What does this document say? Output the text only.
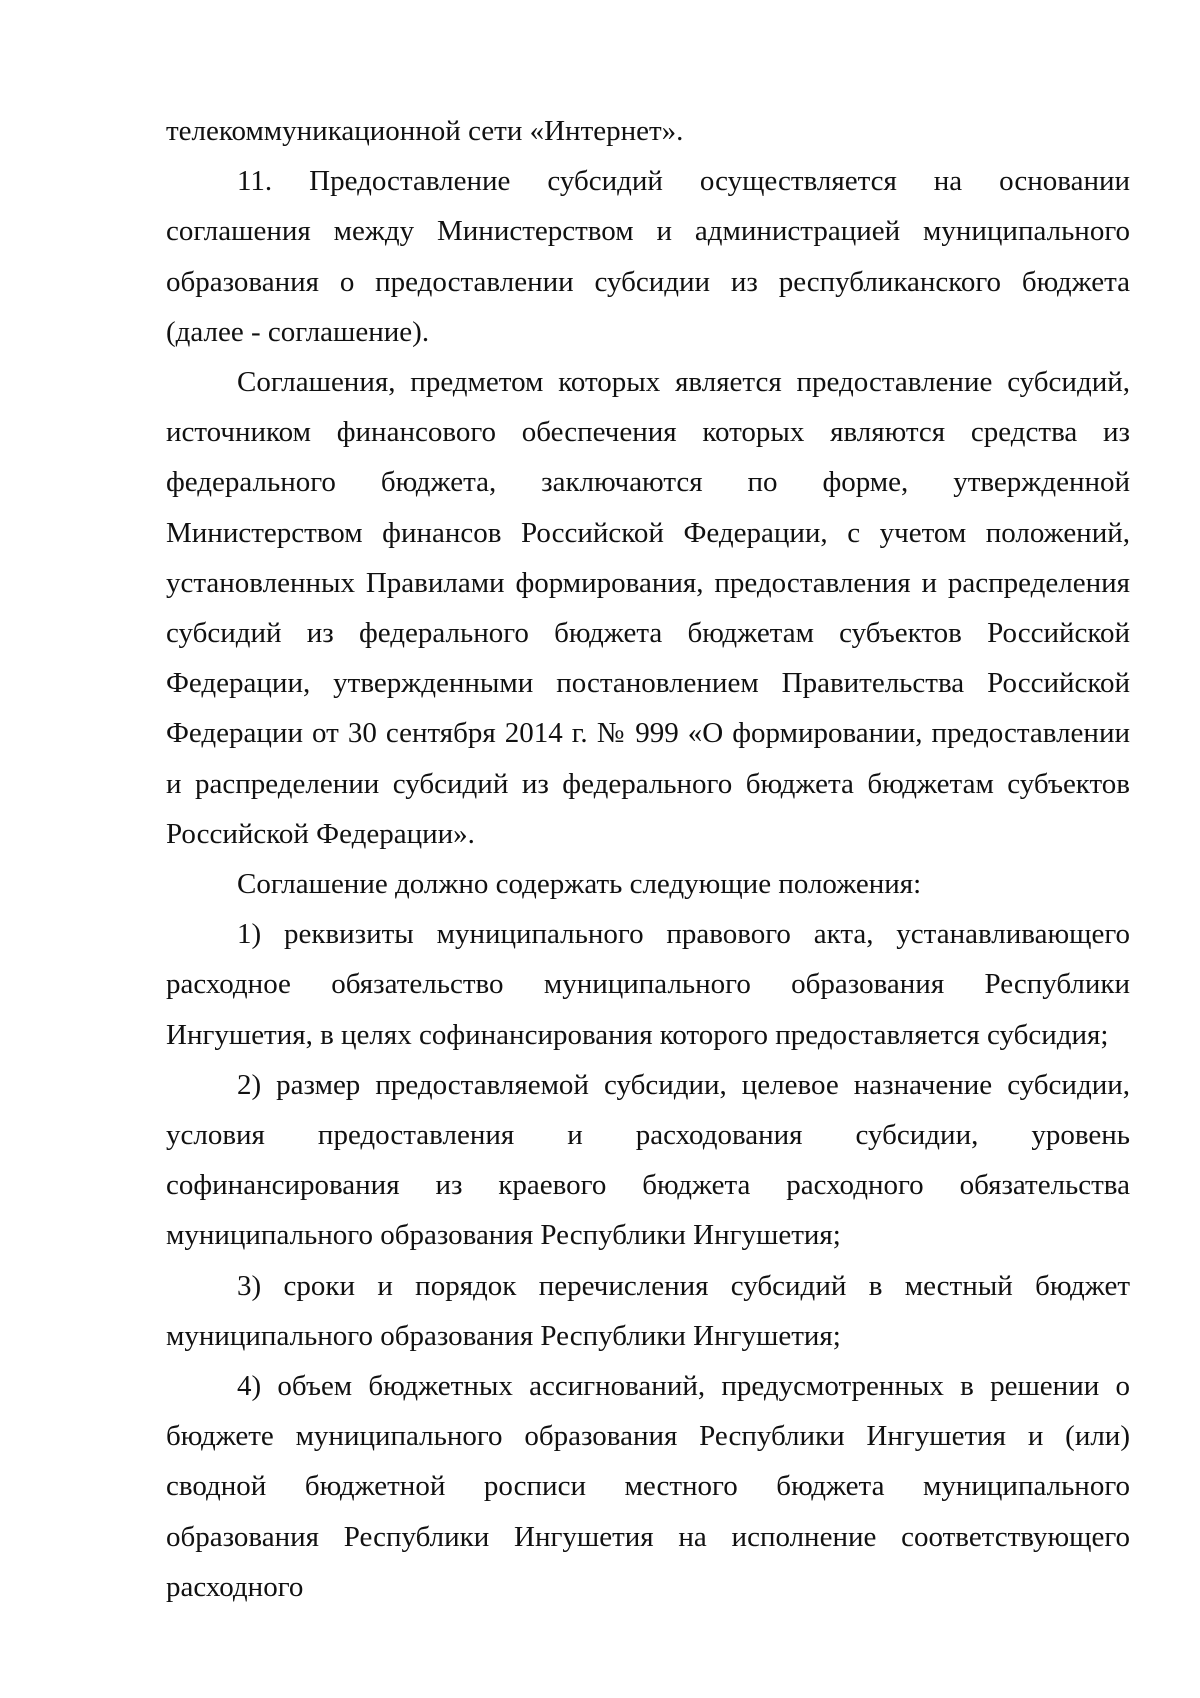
телекоммуникационной сети «Интернет».

11. Предоставление субсидий осуществляется на основании соглашения между Министерством и администрацией муниципального образования о предоставлении субсидии из республиканского бюджета (далее - соглашение).

Соглашения, предметом которых является предоставление субсидий, источником финансового обеспечения которых являются средства из федерального бюджета, заключаются по форме, утвержденной Министерством финансов Российской Федерации, с учетом положений, установленных Правилами формирования, предоставления и распределения субсидий из федерального бюджета бюджетам субъектов Российской Федерации, утвержденными постановлением Правительства Российской Федерации от 30 сентября 2014 г. № 999 «О формировании, предоставлении и распределении субсидий из федерального бюджета бюджетам субъектов Российской Федерации».

Соглашение должно содержать следующие положения:

1) реквизиты муниципального правового акта, устанавливающего расходное обязательство муниципального образования Республики Ингушетия, в целях софинансирования которого предоставляется субсидия;

2) размер предоставляемой субсидии, целевое назначение субсидии, условия предоставления и расходования субсидии, уровень софинансирования из краевого бюджета расходного обязательства муниципального образования Республики Ингушетия;

3) сроки и порядок перечисления субсидий в местный бюджет муниципального образования Республики Ингушетия;

4) объем бюджетных ассигнований, предусмотренных в решении о бюджете муниципального образования Республики Ингушетия и (или) сводной бюджетной росписи местного бюджета муниципального образования Республики Ингушетия на исполнение соответствующего расходного
